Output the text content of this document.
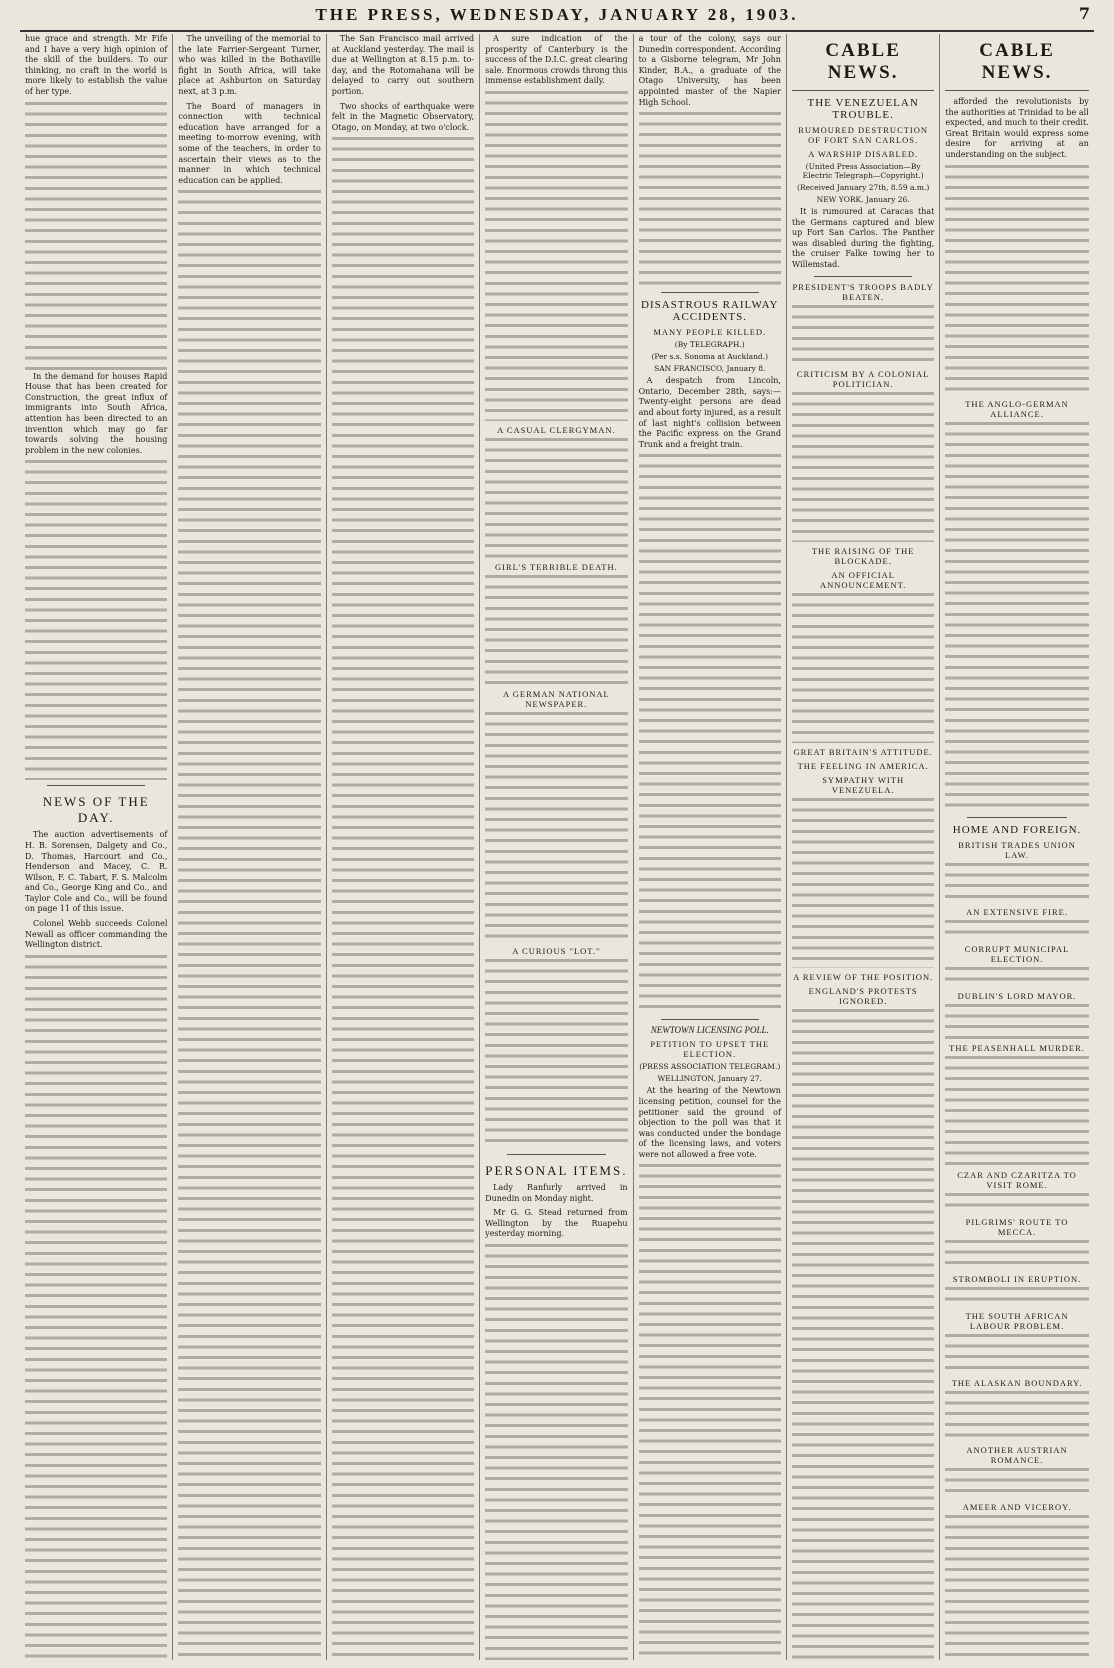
THE PRESS, WEDNESDAY, JANUARY 28, 1903.	7

hue grace and strength. Mr Fife and I have a very high opinion of the skill of the builders. To our thinking, no craft in the world is more likely to establish the value of her type.

In the demand for houses Rapid House that has been created for Construction, the great influx of immigrants into South Africa, attention has been directed to an invention which may go far towards solving the housing problem in the new colonies.

NEWS OF THE DAY.

The auction advertisements of H. B. Sorensen, Dalgety and Co., D. Thomas, Harcourt and Co., Henderson and Macey, C. R. Wilson, F. C. Tabart, F. S. Malcolm and Co., George King and Co., and Taylor Cole and Co., will be found on page 11 of this issue.

Colonel Webb succeeds Colonel Newall as officer commanding the Wellington district.

The unveiling of the memorial to the late Farrier-Sergeant Turner, who was killed in the Bothaville fight in South Africa, will take place at Ashburton on Saturday next, at 3 p.m.

The Board of managers in connection with technical education have arranged for a meeting to-morrow evening, with some of the teachers, in order to ascertain their views as to the manner in which technical education can be applied.

The San Francisco mail arrived at Auckland yesterday. The mail is due at Wellington at 8.15 p.m. to-day, and the Rotomahana will be delayed to carry out southern portion.

Two shocks of earthquake were felt in the Magnetic Observatory, Otago, on Monday, at two o'clock.

A sure indication of the prosperity of Canterbury is the success of the D.I.C. great clearing sale. Enormous crowds throng this immense establishment daily.

A CASUAL CLERGYMAN.
GIRL'S TERRIBLE DEATH.
A GERMAN NATIONAL NEWSPAPER.
A CURIOUS "LOT."
PERSONAL ITEMS.

Lady Ranfurly arrived in Dunedin on Monday night.

Mr G. G. Stead returned from Wellington by the Ruapehu yesterday morning.

a tour of the colony, says our Dunedin correspondent. According to a Gisborne telegram, Mr John Kinder, B.A., a graduate of the Otago University, has been appointed master of the Napier High School.

DISASTROUS RAILWAY ACCIDENTS.
MANY PEOPLE KILLED.
(By TELEGRAPH.)
(Per s.s. Sonoma at Auckland.)
SAN FRANCISCO, January 8.

A despatch from Lincoln, Ontario, December 28th, says:—Twenty-eight persons are dead and about forty injured, as a result of last night's collision between the Pacific express on the Grand Trunk and a freight train.

NEWTOWN LICENSING POLL.
PETITION TO UPSET THE ELECTION.
(PRESS ASSOCIATION TELEGRAM.)
WELLINGTON, January 27.

At the hearing of the Newtown licensing petition, counsel for the petitioner said the ground of objection to the poll was that it was conducted under the bondage of the licensing laws, and voters were not allowed a free vote.

CABLE NEWS.
THE VENEZUELAN TROUBLE.
RUMOURED DESTRUCTION OF FORT SAN CARLOS.
A WARSHIP DISABLED.
(United Press Association—By Electric Telegraph—Copyright.)
(Received January 27th, 8.59 a.m.)
NEW YORK, January 26.

It is rumoured at Caracas that the Germans captured and blew up Fort San Carlos. The Panther was disabled during the fighting, the cruiser Falke towing her to Willemstad.

PRESIDENT'S TROOPS BADLY BEATEN.
CRITICISM BY A COLONIAL POLITICIAN.
THE RAISING OF THE BLOCKADE.
AN OFFICIAL ANNOUNCEMENT.
GREAT BRITAIN'S ATTITUDE.
THE FEELING IN AMERICA.
SYMPATHY WITH VENEZUELA.
A REVIEW OF THE POSITION.
ENGLAND'S PROTESTS IGNORED.
CABLE NEWS.

afforded the revolutionists by the authorities at Trinidad to be all expected, and much to their credit. Great Britain would express some desire for arriving at an understanding on the subject.

THE ANGLO-GERMAN ALLIANCE.
HOME AND FOREIGN.
BRITISH TRADES UNION LAW.
AN EXTENSIVE FIRE.
CORRUPT MUNICIPAL ELECTION.
DUBLIN'S LORD MAYOR.
THE PEASENHALL MURDER.
CZAR AND CZARITZA TO VISIT ROME.
PILGRIMS' ROUTE TO MECCA.
STROMBOLI IN ERUPTION.
THE SOUTH AFRICAN LABOUR PROBLEM.
THE ALASKAN BOUNDARY.
ANOTHER AUSTRIAN ROMANCE.
AMEER AND VICEROY.
